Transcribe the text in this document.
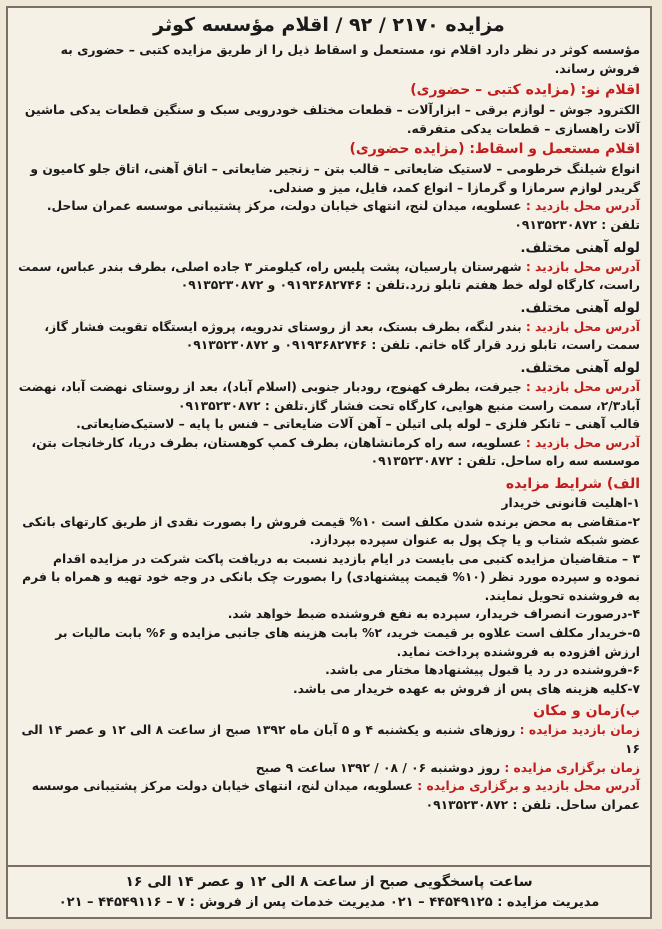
مزایده ۲۱۷۰ / ۹۲ / اقلام مؤسسه کوثر
مؤسسه کوثر در نظر دارد اقلام نو، مستعمل و اسقاط ذیل را از طریق مزایده کتبی – حضوری به فروش رساند.
اقلام نو: (مزایده کتبی – حضوری)
الکترود جوش – لوازم برقی – ابزارآلات – قطعات مختلف خودرویی سبک و سنگین قطعات یدکی ماشین آلات راهسازی – قطعات یدکی متفرقه.
اقلام مستعمل و اسقاط: (مزایده حضوری)
انواع شیلنگ خرطومی – لاستیک ضایعاتی – قالب بتن – زنجیر ضایعاتی – اتاق آهنی، اتاق جلو کامیون و گریدر لوازم سرمازا و گرمازا – انواع کمد، فایل، میز و صندلی.
آدرس محل بازدید : عسلویه، میدان لنج، انتهای خیابان دولت، مرکز پشتیبانی موسسه عمران ساحل. تلفن : ۰۹۱۳۵۲۳۰۸۷۲
لوله آهنی مختلف.
آدرس محل بازدید : شهرستان پارسیان، پشت پلیس راه، کیلومتر ۳ جاده اصلی، بطرف بندر عباس، سمت راست، کارگاه لوله خط هفتم تابلو زرد.تلفن : ۰۹۱۹۳۶۸۲۷۴۶ و ۰۹۱۳۵۲۳۰۸۷۲
لوله آهنی مختلف.
آدرس محل بازدید : بندر لنگه، بطرف بستک، بعد از روستای تدرویه، پروژه ایستگاه تقویت فشار گاز، سمت راست، تابلو زرد قرار گاه خاتم. تلفن : ۰۹۱۹۳۶۸۲۷۴۶ و ۰۹۱۳۵۲۳۰۸۷۲
لوله آهنی مختلف.
آدرس محل بازدید : جیرفت، بطرف کهنوج، رودبار جنوبی (اسلام آباد)، بعد از روستای نهضت آباد، نهضت آباد۲/۳، سمت راست منبع هوایی، کارگاه تحت فشار گاز.تلفن : ۰۹۱۳۵۲۳۰۸۷۲
قالب آهنی – تانکر فلزی – لوله پلی اتیلن – آهن آلات ضایعاتی – فنس با پایه – لاستیک‌ضایعاتی.
آدرس محل بازدید : عسلویه، سه راه کرمانشاهان، بطرف کمپ کوهستان، بطرف دریا، کارخانجات بتن، موسسه سه راه ساحل. تلفن : ۰۹۱۳۵۲۳۰۸۷۲
الف) شرایط مزایده
۱-اهلیت قانونی خریدار
۲-متقاضی به محض برنده شدن مکلف است ۱۰% قیمت فروش را بصورت نقدی از طریق کارتهای بانکی عضو شبکه شتاب و یا چک پول به عنوان سپرده بپردازد.
۳ – متقاضیان مزایده کتبی می بایست در ایام بازدید نسبت به دریافت پاکت شرکت در مزایده اقدام نموده و سپرده مورد نظر (۱۰% قیمت پیشنهادی) را بصورت چک بانکی در وجه خود تهیه و همراه با فرم به فروشنده تحویل نمایند.
۴-درصورت انصراف خریدار، سپرده به نفع فروشنده ضبط خواهد شد.
۵-خریدار مکلف است علاوه بر قیمت خرید، ۲% بابت هزینه های جانبی مزایده و ۶% بابت مالیات بر ارزش افزوده به فروشنده پرداخت نماید.
۶-فروشنده در رد یا قبول پیشنهادها مختار می باشد.
۷-کلیه هزینه های پس از فروش به عهده خریدار می باشد.
ب)زمان و مکان
زمان بازدید مزایده : روزهای شنبه و یکشنبه ۴ و ۵ آبان ماه ۱۳۹۲ صبح از ساعت ۸ الی ۱۲ و عصر ۱۴ الی ۱۶
زمان برگزاری مزایده : روز دوشنبه ۰۶ / ۰۸ / ۱۳۹۲ ساعت ۹ صبح
آدرس محل بازدید و برگزاری مزایده : عسلویه، میدان لنج، انتهای خیابان دولت مرکز پشتیبانی موسسه عمران ساحل. تلفن : ۰۹۱۳۵۲۳۰۸۷۲
ساعت پاسخگویی صبح از ساعت ۸ الی ۱۲ و عصر ۱۴ الی ۱۶
مدیریت مزایده : ۴۴۵۴۹۱۲۵ – ۰۲۱ مدیریت خدمات پس از فروش : ۷ – ۴۴۵۴۹۱۱۶ – ۰۲۱
